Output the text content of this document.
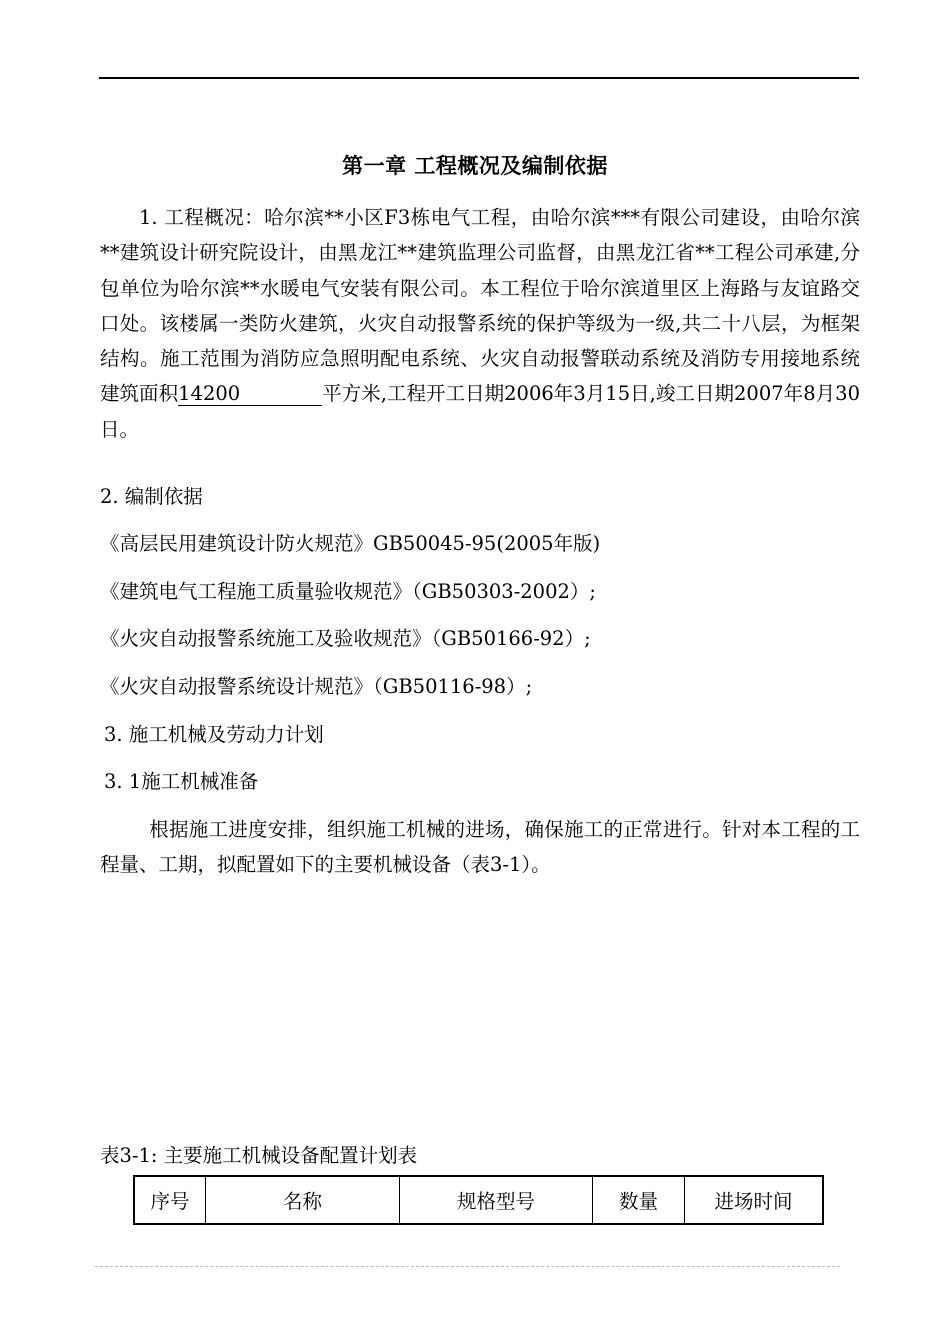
第一章 工程概况及编制依据
1. 工程概况：哈尔滨**小区F3栋电气工程，由哈尔滨***有限公司建设，由哈尔滨**建筑设计研究院设计，由黑龙江**建筑监理公司监督，由黑龙江省**工程公司承建,分包单位为哈尔滨**水暖电气安装有限公司。本工程位于哈尔滨道里区上海路与友谊路交口处。该楼属一类防火建筑，火灾自动报警系统的保护等级为一级,共二十八层，为框架结构。施工范围为消防应急照明配电系统、火灾自动报警联动系统及消防专用接地系统建筑面积14200	平方米,工程开工日期2006年3月15日,竣工日期2007年8月30日。
2. 编制依据
《高层民用建筑设计防火规范》GB50045-95(2005年版)
《建筑电气工程施工质量验收规范》（GB50303-2002）;
《火灾自动报警系统施工及验收规范》（GB50166-92）;
《火灾自动报警系统设计规范》（GB50116-98）;
3. 施工机械及劳动力计划
3. 1施工机械准备
根据施工进度安排，组织施工机械的进场，确保施工的正常进行。针对本工程的工程量、工期，拟配置如下的主要机械设备（表3-1）。
表3-1: 主要施工机械设备配置计划表
序号	名称	规格型号	数量	进场时间
